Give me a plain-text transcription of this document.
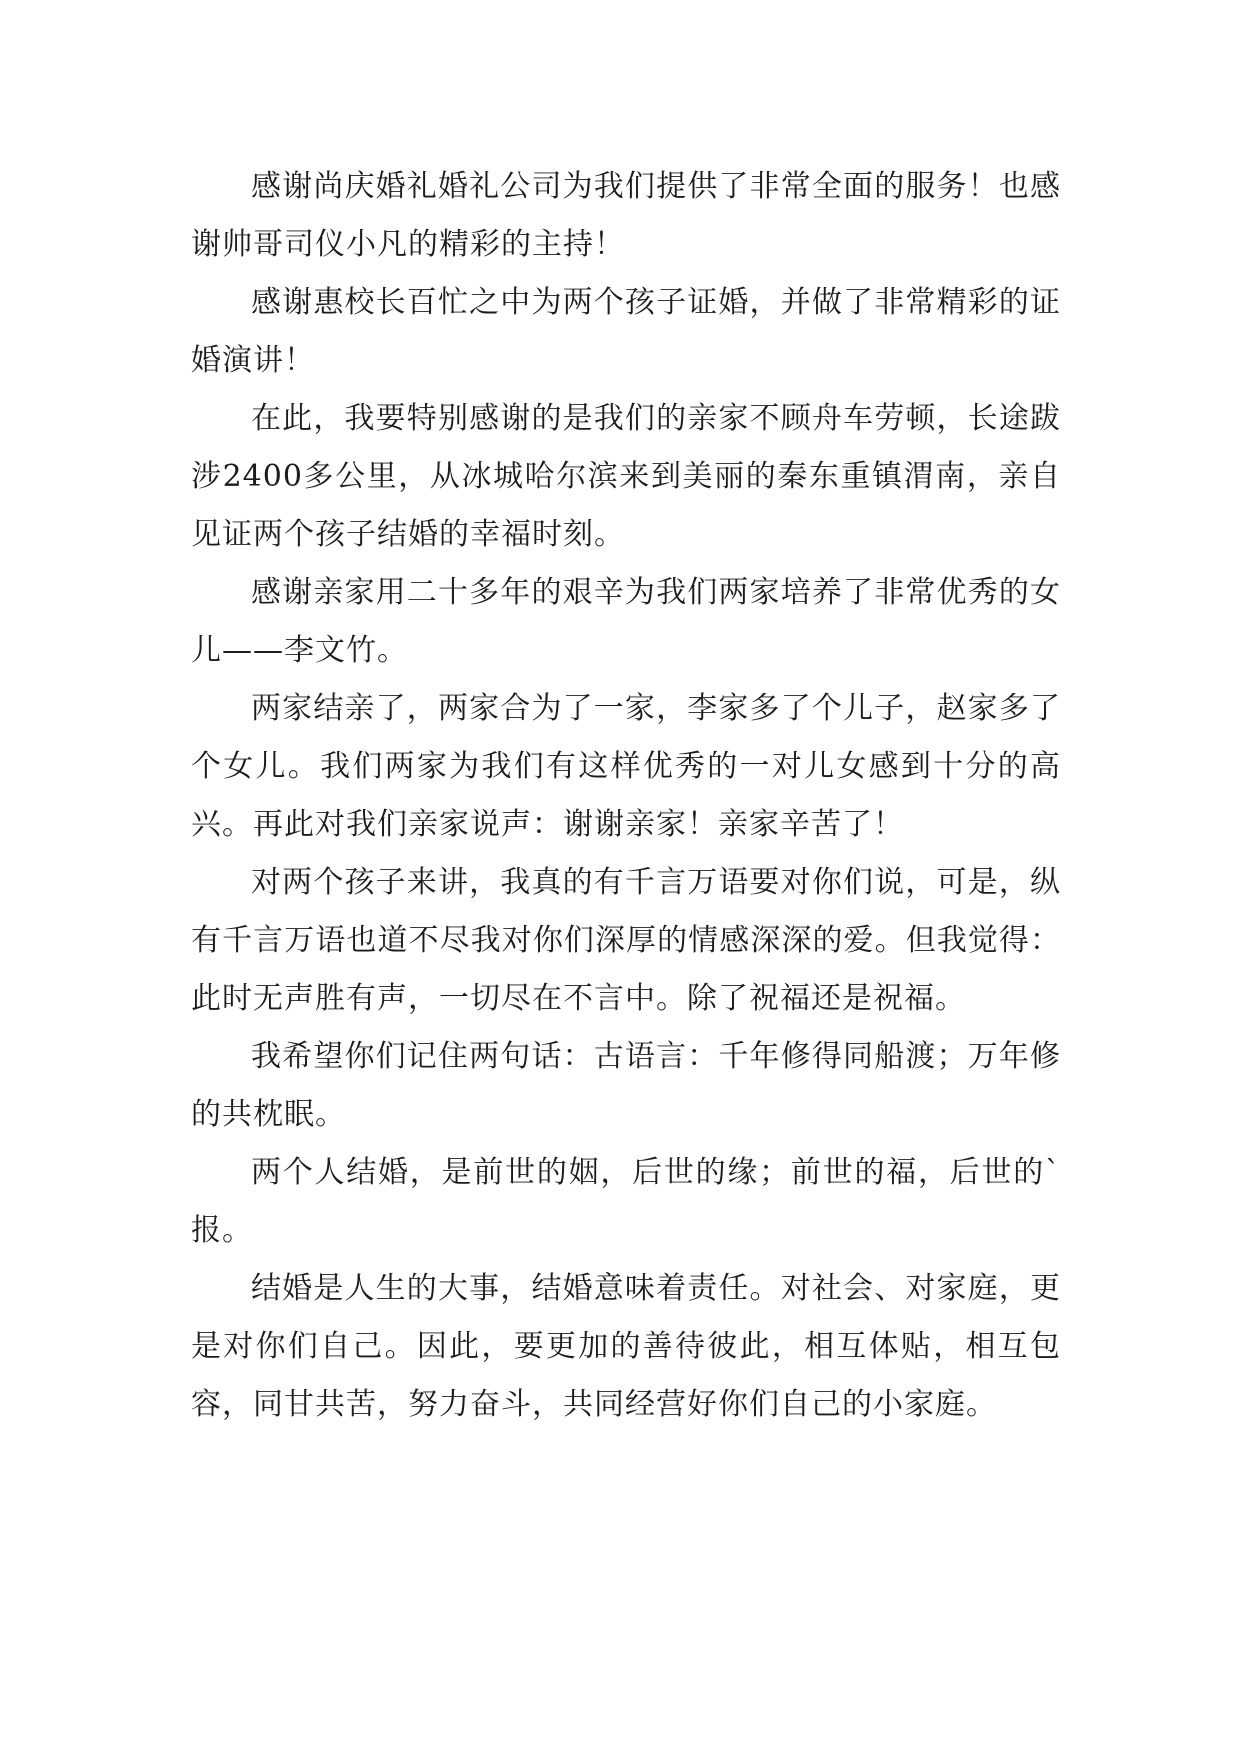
感谢尚庆婚礼婚礼公司为我们提供了非常全面的服务！也感谢帅哥司仪小凡的精彩的主持！

感谢惠校长百忙之中为两个孩子证婚，并做了非常精彩的证婚演讲！

在此，我要特别感谢的是我们的亲家不顾舟车劳顿，长途跋涉2400多公里，从冰城哈尔滨来到美丽的秦东重镇渭南，亲自见证两个孩子结婚的幸福时刻。

感谢亲家用二十多年的艰辛为我们两家培养了非常优秀的女儿——李文竹。

两家结亲了，两家合为了一家，李家多了个儿子，赵家多了个女儿。我们两家为我们有这样优秀的一对儿女感到十分的高兴。再此对我们亲家说声：谢谢亲家！亲家辛苦了！

对两个孩子来讲，我真的有千言万语要对你们说，可是，纵有千言万语也道不尽我对你们深厚的情感深深的爱。但我觉得：此时无声胜有声，一切尽在不言中。除了祝福还是祝福。

我希望你们记住两句话：古语言：千年修得同船渡；万年修的共枕眠。

两个人结婚，是前世的姻，后世的缘；前世的福，后世的`报。

结婚是人生的大事，结婚意味着责任。对社会、对家庭，更是对你们自己。因此，要更加的善待彼此，相互体贴，相互包容，同甘共苦，努力奋斗，共同经营好你们自己的小家庭。
